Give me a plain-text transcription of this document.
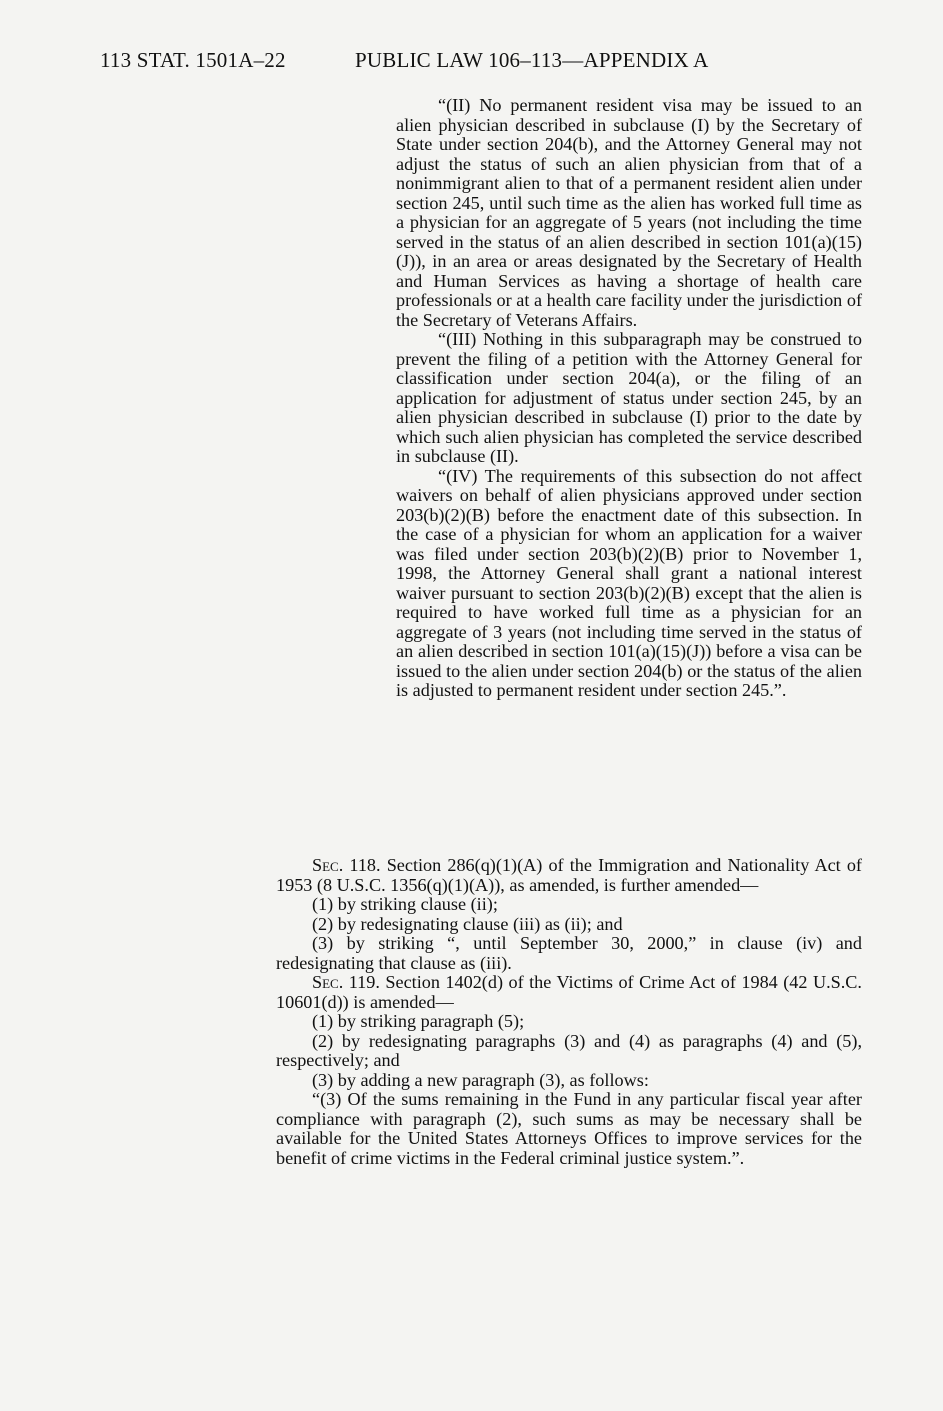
113 STAT. 1501A–22	PUBLIC LAW 106–113—APPENDIX A

“(II) No permanent resident visa may be issued to an alien physician described in subclause (I) by the Secretary of State under section 204(b), and the Attorney General may not adjust the status of such an alien physician from that of a nonimmigrant alien to that of a permanent resident alien under section 245, until such time as the alien has worked full time as a physician for an aggregate of 5 years (not including the time served in the status of an alien described in section 101(a)(15)(J)), in an area or areas designated by the Secretary of Health and Human Services as having a shortage of health care professionals or at a health care facility under the jurisdiction of the Secretary of Veterans Affairs.

“(III) Nothing in this subparagraph may be construed to prevent the filing of a petition with the Attorney General for classification under section 204(a), or the filing of an application for adjustment of status under section 245, by an alien physician described in subclause (I) prior to the date by which such alien physician has completed the service described in subclause (II).

“(IV) The requirements of this subsection do not affect waivers on behalf of alien physicians approved under section 203(b)(2)(B) before the enactment date of this subsection. In the case of a physician for whom an application for a waiver was filed under section 203(b)(2)(B) prior to November 1, 1998, the Attorney General shall grant a national interest waiver pursuant to section 203(b)(2)(B) except that the alien is required to have worked full time as a physician for an aggregate of 3 years (not including time served in the status of an alien described in section 101(a)(15)(J)) before a visa can be issued to the alien under section 204(b) or the status of the alien is adjusted to permanent resident under section 245.”.

Sec. 118. Section 286(q)(1)(A) of the Immigration and Nationality Act of 1953 (8 U.S.C. 1356(q)(1)(A)), as amended, is further amended—

(1) by striking clause (ii);

(2) by redesignating clause (iii) as (ii); and

(3) by striking “, until September 30, 2000,” in clause (iv) and redesignating that clause as (iii).

Sec. 119. Section 1402(d) of the Victims of Crime Act of 1984 (42 U.S.C. 10601(d)) is amended—

(1) by striking paragraph (5);

(2) by redesignating paragraphs (3) and (4) as paragraphs (4) and (5), respectively; and

(3) by adding a new paragraph (3), as follows:

“(3) Of the sums remaining in the Fund in any particular fiscal year after compliance with paragraph (2), such sums as may be necessary shall be available for the United States Attorneys Offices to improve services for the benefit of crime victims in the Federal criminal justice system.”.
